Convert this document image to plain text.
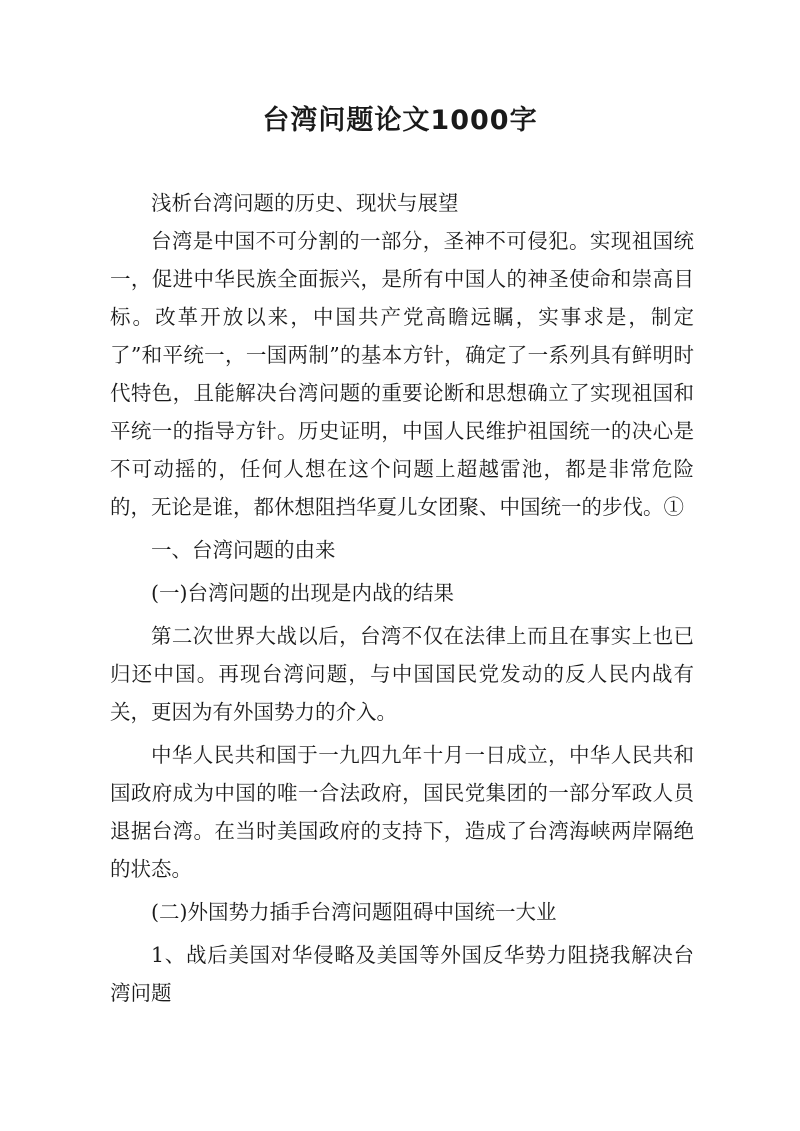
台湾问题论文1000字

浅析台湾问题的历史、现状与展望

台湾是中国不可分割的一部分，圣神不可侵犯。实现祖国统一，促进中华民族全面振兴，是所有中国人的神圣使命和崇高目标。改革开放以来，中国共产党高瞻远瞩，实事求是，制定了”和平统一，一国两制”的基本方针，确定了一系列具有鲜明时代特色，且能解决台湾问题的重要论断和思想确立了实现祖国和平统一的指导方针。历史证明，中国人民维护祖国统一的决心是不可动摇的，任何人想在这个问题上超越雷池，都是非常危险的，无论是谁，都休想阻挡华夏儿女团聚、中国统一的步伐。①

一、台湾问题的由来

(一)台湾问题的出现是内战的结果

第二次世界大战以后，台湾不仅在法律上而且在事实上也已归还中国。再现台湾问题，与中国国民党发动的反人民内战有关，更因为有外国势力的介入。

中华人民共和国于一九四九年十月一日成立，中华人民共和国政府成为中国的唯一合法政府，国民党集团的一部分军政人员退据台湾。在当时美国政府的支持下，造成了台湾海峡两岸隔绝的状态。

(二)外国势力插手台湾问题阻碍中国统一大业

1、战后美国对华侵略及美国等外国反华势力阻挠我解决台湾问题
